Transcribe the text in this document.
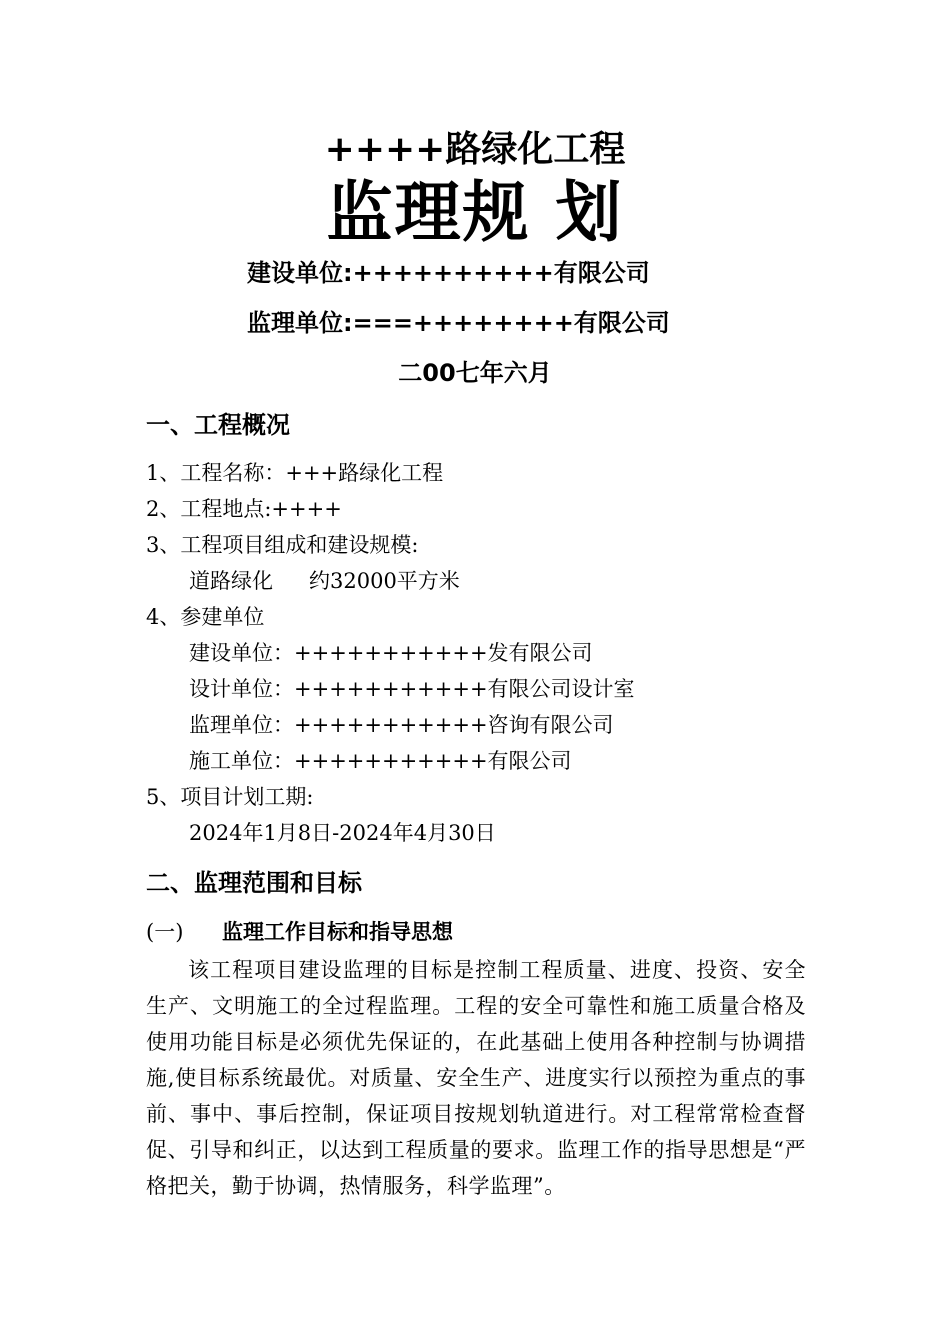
++++路绿化工程
监理规 划
建设单位:++++++++++有限公司
监理单位:===++++++++有限公司
二00七年六月
一、工程概况
1、工程名称：+++路绿化工程
2、工程地点:++++
3、工程项目组成和建设规模:
道路绿化 约32000平方米
4、参建单位
建设单位：+++++++++++发有限公司
设计单位：+++++++++++有限公司设计室
监理单位：+++++++++++咨询有限公司
施工单位：+++++++++++有限公司
5、项目计划工期:
2024年1月8日-2024年4月30日
二、监理范围和目标
(一) 监理工作目标和指导思想
该工程项目建设监理的目标是控制工程质量、进度、投资、安全生产、文明施工的全过程监理。工程的安全可靠性和施工质量合格及使用功能目标是必须优先保证的，在此基础上使用各种控制与协调措施,使目标系统最优。对质量、安全生产、进度实行以预控为重点的事前、事中、事后控制，保证项目按规划轨道进行。对工程常常检查督促、引导和纠正，以达到工程质量的要求。监理工作的指导思想是“严格把关，勤于协调，热情服务，科学监理”。
